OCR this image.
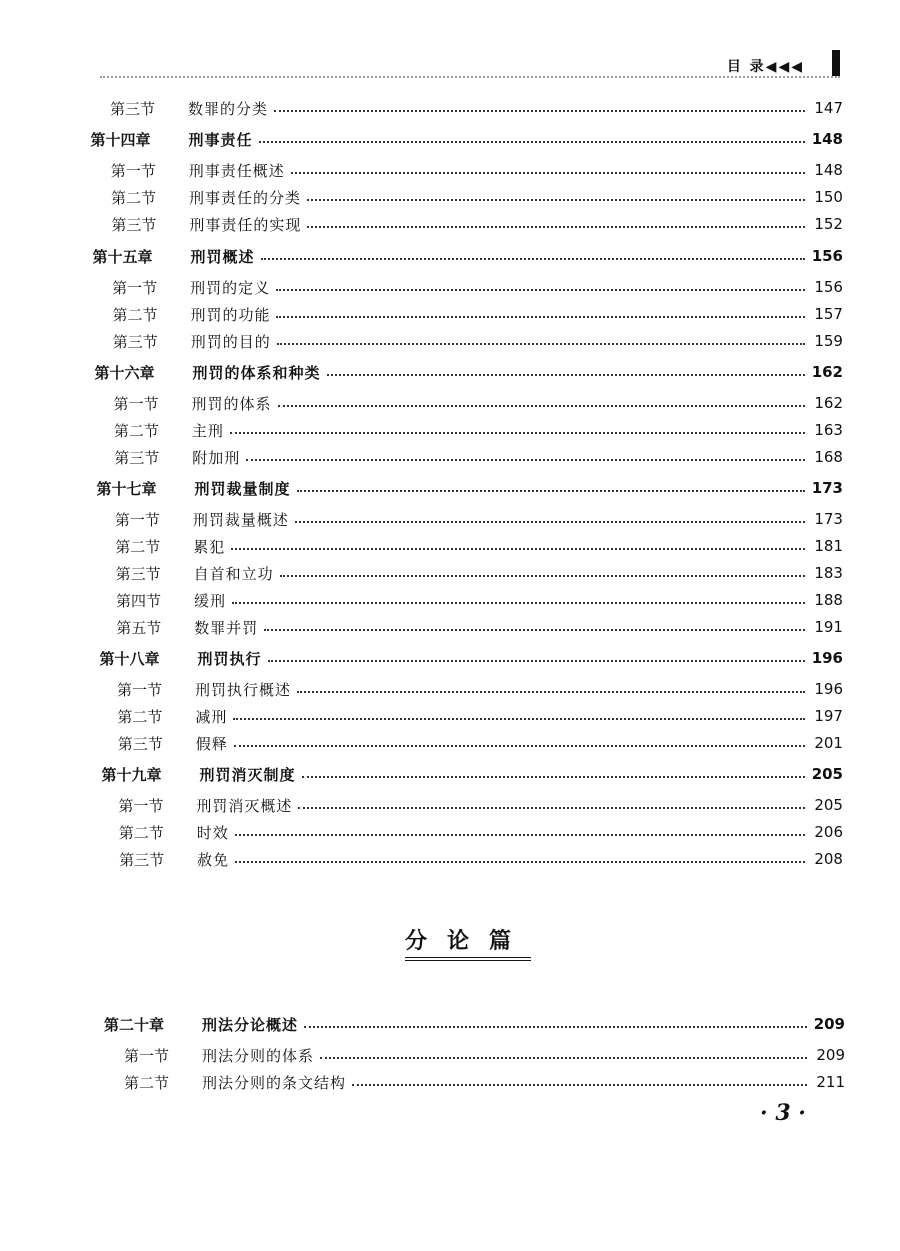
目 录◀◀◀
第三节	数罪的分类	147
第十四章	刑事责任	148
第一节	刑事责任概述	148
第二节	刑事责任的分类	150
第三节	刑事责任的实现	152
第十五章	刑罚概述	156
第一节	刑罚的定义	156
第二节	刑罚的功能	157
第三节	刑罚的目的	159
第十六章	刑罚的体系和种类	162
第一节	刑罚的体系	162
第二节	主刑	163
第三节	附加刑	168
第十七章	刑罚裁量制度	173
第一节	刑罚裁量概述	173
第二节	累犯	181
第三节	自首和立功	183
第四节	缓刑	188
第五节	数罪并罚	191
第十八章	刑罚执行	196
第一节	刑罚执行概述	196
第二节	减刑	197
第三节	假释	201
第十九章	刑罚消灭制度	205
第一节	刑罚消灭概述	205
第二节	时效	206
第三节	赦免	208
第二十章	刑法分论概述	209
第一节	刑法分则的体系	209
第二节	刑法分则的条文结构	211
分论篇
· 3 ·
